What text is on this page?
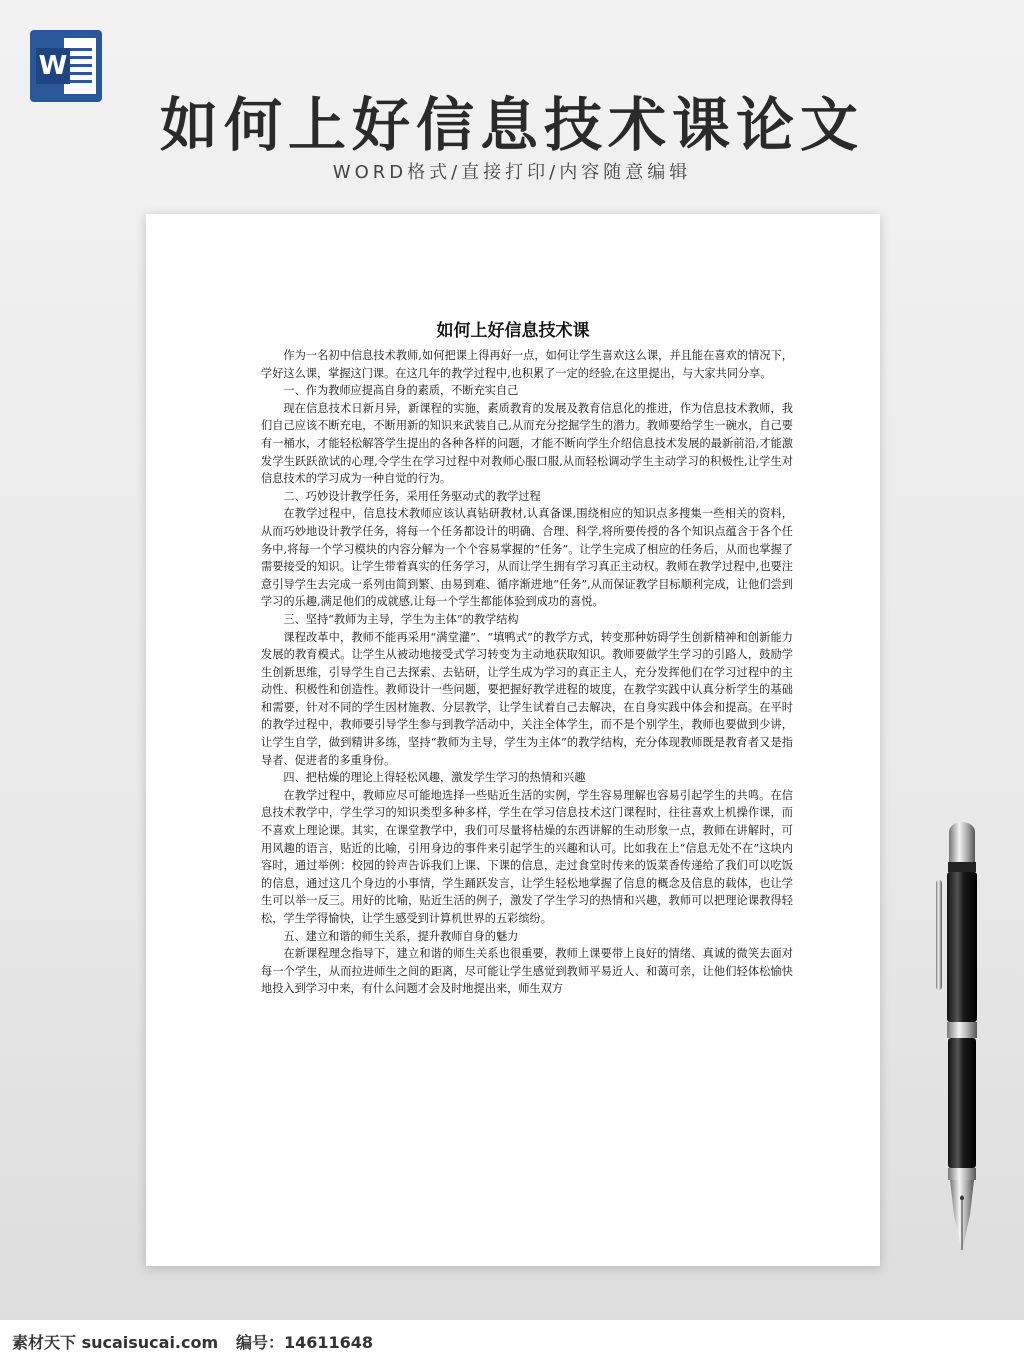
W
如何上好信息技术课论文
WORD格式/直接打印/内容随意编辑
如何上好信息技术课

作为一名初中信息技术教师,如何把课上得再好一点，如何让学生喜欢这么课，并且能在喜欢的情况下，学好这么课，掌握这门课。在这几年的教学过程中,也积累了一定的经验,在这里提出，与大家共同分享。

一、作为教师应提高自身的素质，不断充实自己

现在信息技术日新月异，新课程的实施，素质教育的发展及教育信息化的推进，作为信息技术教师，我们自己应该不断充电，不断用新的知识来武装自己,从而充分挖掘学生的潜力。教师要给学生一碗水，自己要有一桶水，才能轻松解答学生提出的各种各样的问题，才能不断向学生介绍信息技术发展的最新前沿,才能激发学生跃跃欲试的心理,令学生在学习过程中对教师心服口服,从而轻松调动学生主动学习的积极性,让学生对信息技术的学习成为一种自觉的行为。

二、巧妙设计教学任务，采用任务驱动式的教学过程

在教学过程中，信息技术教师应该认真钻研教材,认真备课,围绕相应的知识点多搜集一些相关的资料，从而巧妙地设计教学任务，将每一个任务都设计的明确、合理、科学,将所要传授的各个知识点蕴含于各个任务中,将每一个学习模块的内容分解为一个个容易掌握的“任务”。让学生完成了相应的任务后，从而也掌握了需要接受的知识。让学生带着真实的任务学习，从而让学生拥有学习真正主动权。教师在教学过程中,也要注意引导学生去完成一系列由简到繁、由易到难、循序渐进地“任务”,从而保证教学目标顺利完成，让他们尝到学习的乐趣,满足他们的成就感,让每一个学生都能体验到成功的喜悦。

三、坚持“教师为主导，学生为主体”的教学结构

课程改革中，教师不能再采用“满堂灌”、“填鸭式”的教学方式，转变那种妨碍学生创新精神和创新能力发展的教育模式。让学生从被动地接受式学习转变为主动地获取知识。教师要做学生学习的引路人，鼓励学生创新思维，引导学生自己去探索、去钻研，让学生成为学习的真正主人，充分发挥他们在学习过程中的主动性、积极性和创造性。教师设计一些问题，要把握好教学进程的坡度，在教学实践中认真分析学生的基础和需要，针对不同的学生因材施教、分层教学，让学生试着自己去解决，在自身实践中体会和提高。在平时的教学过程中，教师要引导学生参与到教学活动中，关注全体学生，而不是个别学生，教师也要做到少讲，让学生自学，做到精讲多练，坚持“教师为主导，学生为主体”的教学结构，充分体现教师既是教育者又是指导者、促进者的多重身份。

四、把枯燥的理论上得轻松风趣，激发学生学习的热情和兴趣

在教学过程中，教师应尽可能地选择一些贴近生活的实例，学生容易理解也容易引起学生的共鸣。在信息技术教学中，学生学习的知识类型多种多样，学生在学习信息技术这门课程时，往往喜欢上机操作课，而不喜欢上理论课。其实，在课堂教学中，我们可尽量将枯燥的东西讲解的生动形象一点，教师在讲解时，可用风趣的语言，贴近的比喻，引用身边的事件来引起学生的兴趣和认可。比如我在上“信息无处不在”这块内容时，通过举例：校园的铃声告诉我们上课、下课的信息，走过食堂时传来的饭菜香传递给了我们可以吃饭的信息，通过这几个身边的小事情，学生踊跃发言，让学生轻松地掌握了信息的概念及信息的载体，也让学生可以举一反三。用好的比喻，贴近生活的例子，激发了学生学习的热情和兴趣，教师可以把理论课教得轻松，学生学得愉快，让学生感受到计算机世界的五彩缤纷。

五、建立和谐的师生关系，提升教师自身的魅力

在新课程理念指导下，建立和谐的师生关系也很重要，教师上课要带上良好的情绪、真诚的微笑去面对每一个学生，从而拉进师生之间的距离，尽可能让学生感觉到教师平易近人、和蔼可亲，让他们轻体松愉快地投入到学习中来，有什么问题才会及时地提出来，师生双方

素材天下 sucaisucai.com 编号：14611648
